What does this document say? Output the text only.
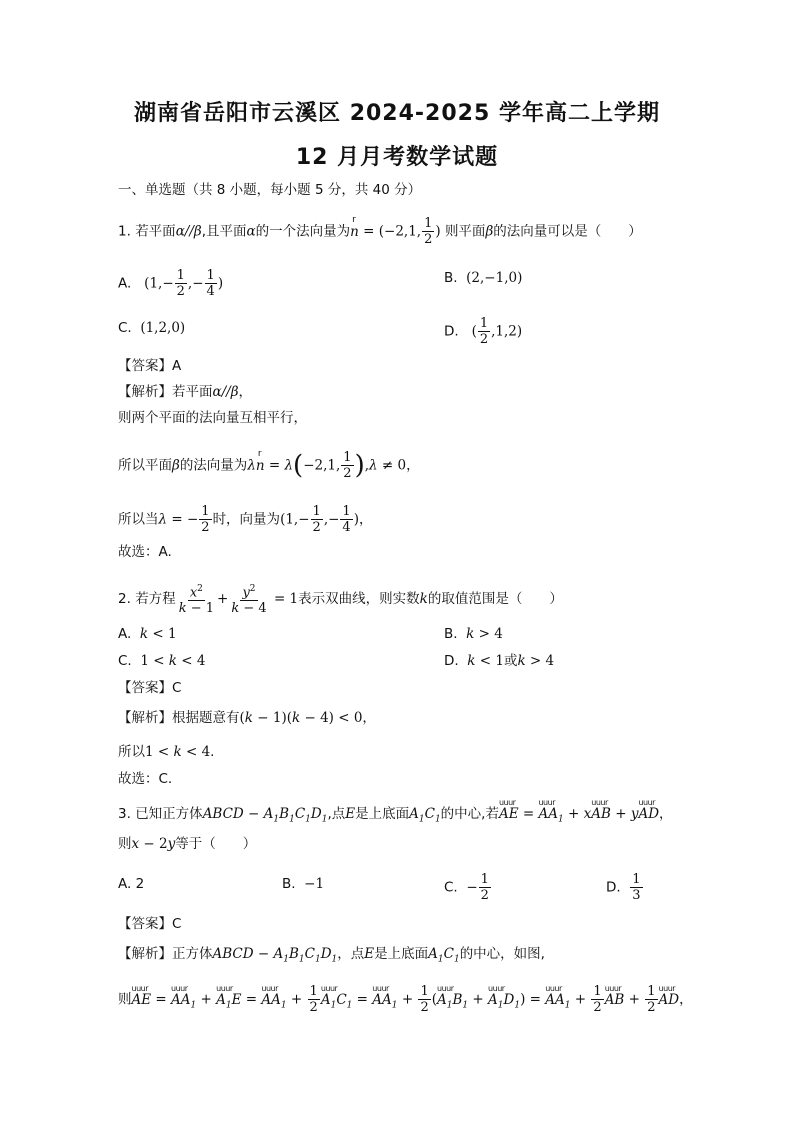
湖南省岳阳市云溪区 2024-2025 学年高二上学期
12 月月考数学试题
一、单选题（共 8 小题，每小题 5 分，共 40 分）
1. 若平面α//β,且平面α的一个法向量为r n = (−2,1, $\frac{1}{2}$ ) 则平面β的法向量可以是（　　）
A. ($1,- \frac{1}{2}$ ,− $\frac{1}{4}$ )	B. (2,−1,0)
C. (1,2,0)	D. ( $\frac{1}{2} ,1,2$)
【答案】A
【解析】若平面α//β，
则两个平面的法向量互相平行，
所以平面β的法向量为λr n = λ(−2,1, $\frac{1}{2} ),\lambda \ne 0$，
所以当λ = − $\frac{1}{2}$ 时，向量为($1,- \frac{1}{2}$ ,− $\frac{1}{4}$ )，
故选：A.
2. 若方程 $\frac{x^2}{k - 1} + \frac{y^2}{k - 4} = 1$表示双曲线，则实数k的取值范围是（　　）
A. k < 1	B. k > 4
C. 1 < k < 4	D. k < 1或k > 4
【答案】C
【解析】根据题意有(k − 1)(k − 4) < 0，
所以1 < k < 4.
故选：C.
3. 已知正方体ABCD − $A_1B_1C_1D_1$,点E是上底面$A_1C_1$的中心,若uuur AE = uuur $AA_1$ + xuuur AB + yuuur AD，
则x − 2y等于（　　）
A. 2	B. −1	C. − $\frac{1}{2}$	D. $\frac{1}{3}$
【答案】C
【解析】正方体ABCD − $A_1B_1C_1D_1$，点E是上底面$A_1C_1$的中心，如图,
则uuur AE = uuur $AA_1$ + uuur $A_1E$ = uuur $AA_1 + \frac{1}{2}$ uuur $A_1C_1$ = uuur $AA_1 + \frac{1}{2}$ (uuur $A_1B_1$ + uuur $A_1D_1$) = uuur $AA_1 + \frac{1}{2}$ uuur AB + $\frac{1}{2}$ uuur AD，
